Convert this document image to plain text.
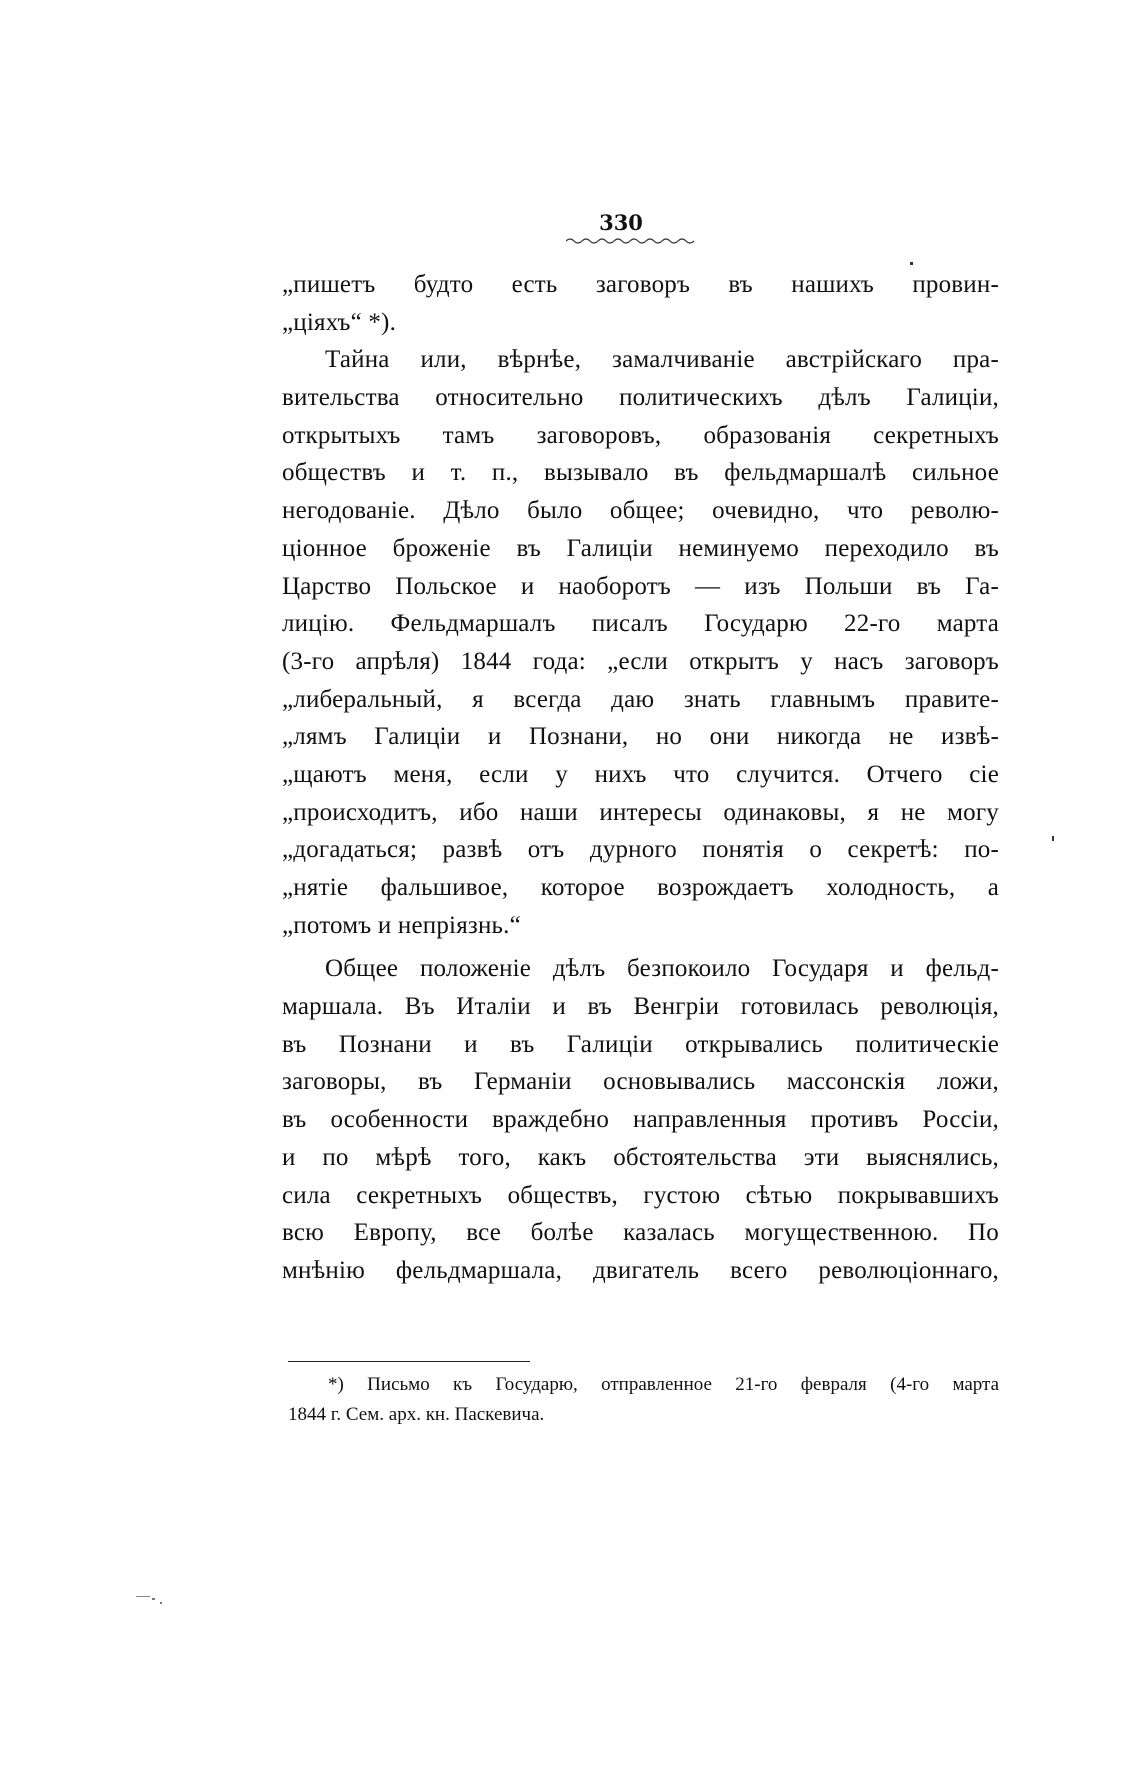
330
„пишетъ будто есть заговоръ въ нашихъ провин-
„ціяхъ“ *).
Тайна или, вѣрнѣе, замалчиваніе австрійскаго пра-
вительства относительно политическихъ дѣлъ Галиціи,
открытыхъ тамъ заговоровъ, образованія секретныхъ
обществъ и т. п., вызывало въ фельдмаршалѣ сильное
негодованіе. Дѣло было общее; очевидно, что револю-
ціонное броженіе въ Галиціи неминуемо переходило въ
Царство Польское и наоборотъ — изъ Польши въ Га-
лицію. Фельдмаршалъ писалъ Государю 22-го марта
(3-го апрѣля) 1844 года: „если открытъ у насъ заговоръ
„либеральный, я всегда даю знать главнымъ правите-
„лямъ Галиціи и Познани, но они никогда не извѣ-
„щаютъ меня, если у нихъ что случится. Отчего сіе
„происходитъ, ибо наши интересы одинаковы, я не могу
„догадаться; развѣ отъ дурного понятія о секретѣ: по-
„нятіе фальшивое, которое возрождаетъ холодность, а
„потомъ и непріязнь.“
Общее положеніе дѣлъ безпокоило Государя и фельд-
маршала. Въ Италіи и въ Венгріи готовилась революція,
въ Познани и въ Галиціи открывались политическіе
заговоры, въ Германіи основывались массонскія ложи,
въ особенности враждебно направленныя противъ Россіи,
и по мѣрѣ того, какъ обстоятельства эти выяснялись,
сила секретныхъ обществъ, густою сѣтью покрывавшихъ
всю Европу, все болѣе казалась могущественною. По
мнѣнію фельдмаршала, двигатель всего революціоннаго,
*) Письмо къ Государю, отправленное 21-го февраля (4-го марта
1844 г. Сем. арх. кн. Паскевича.
